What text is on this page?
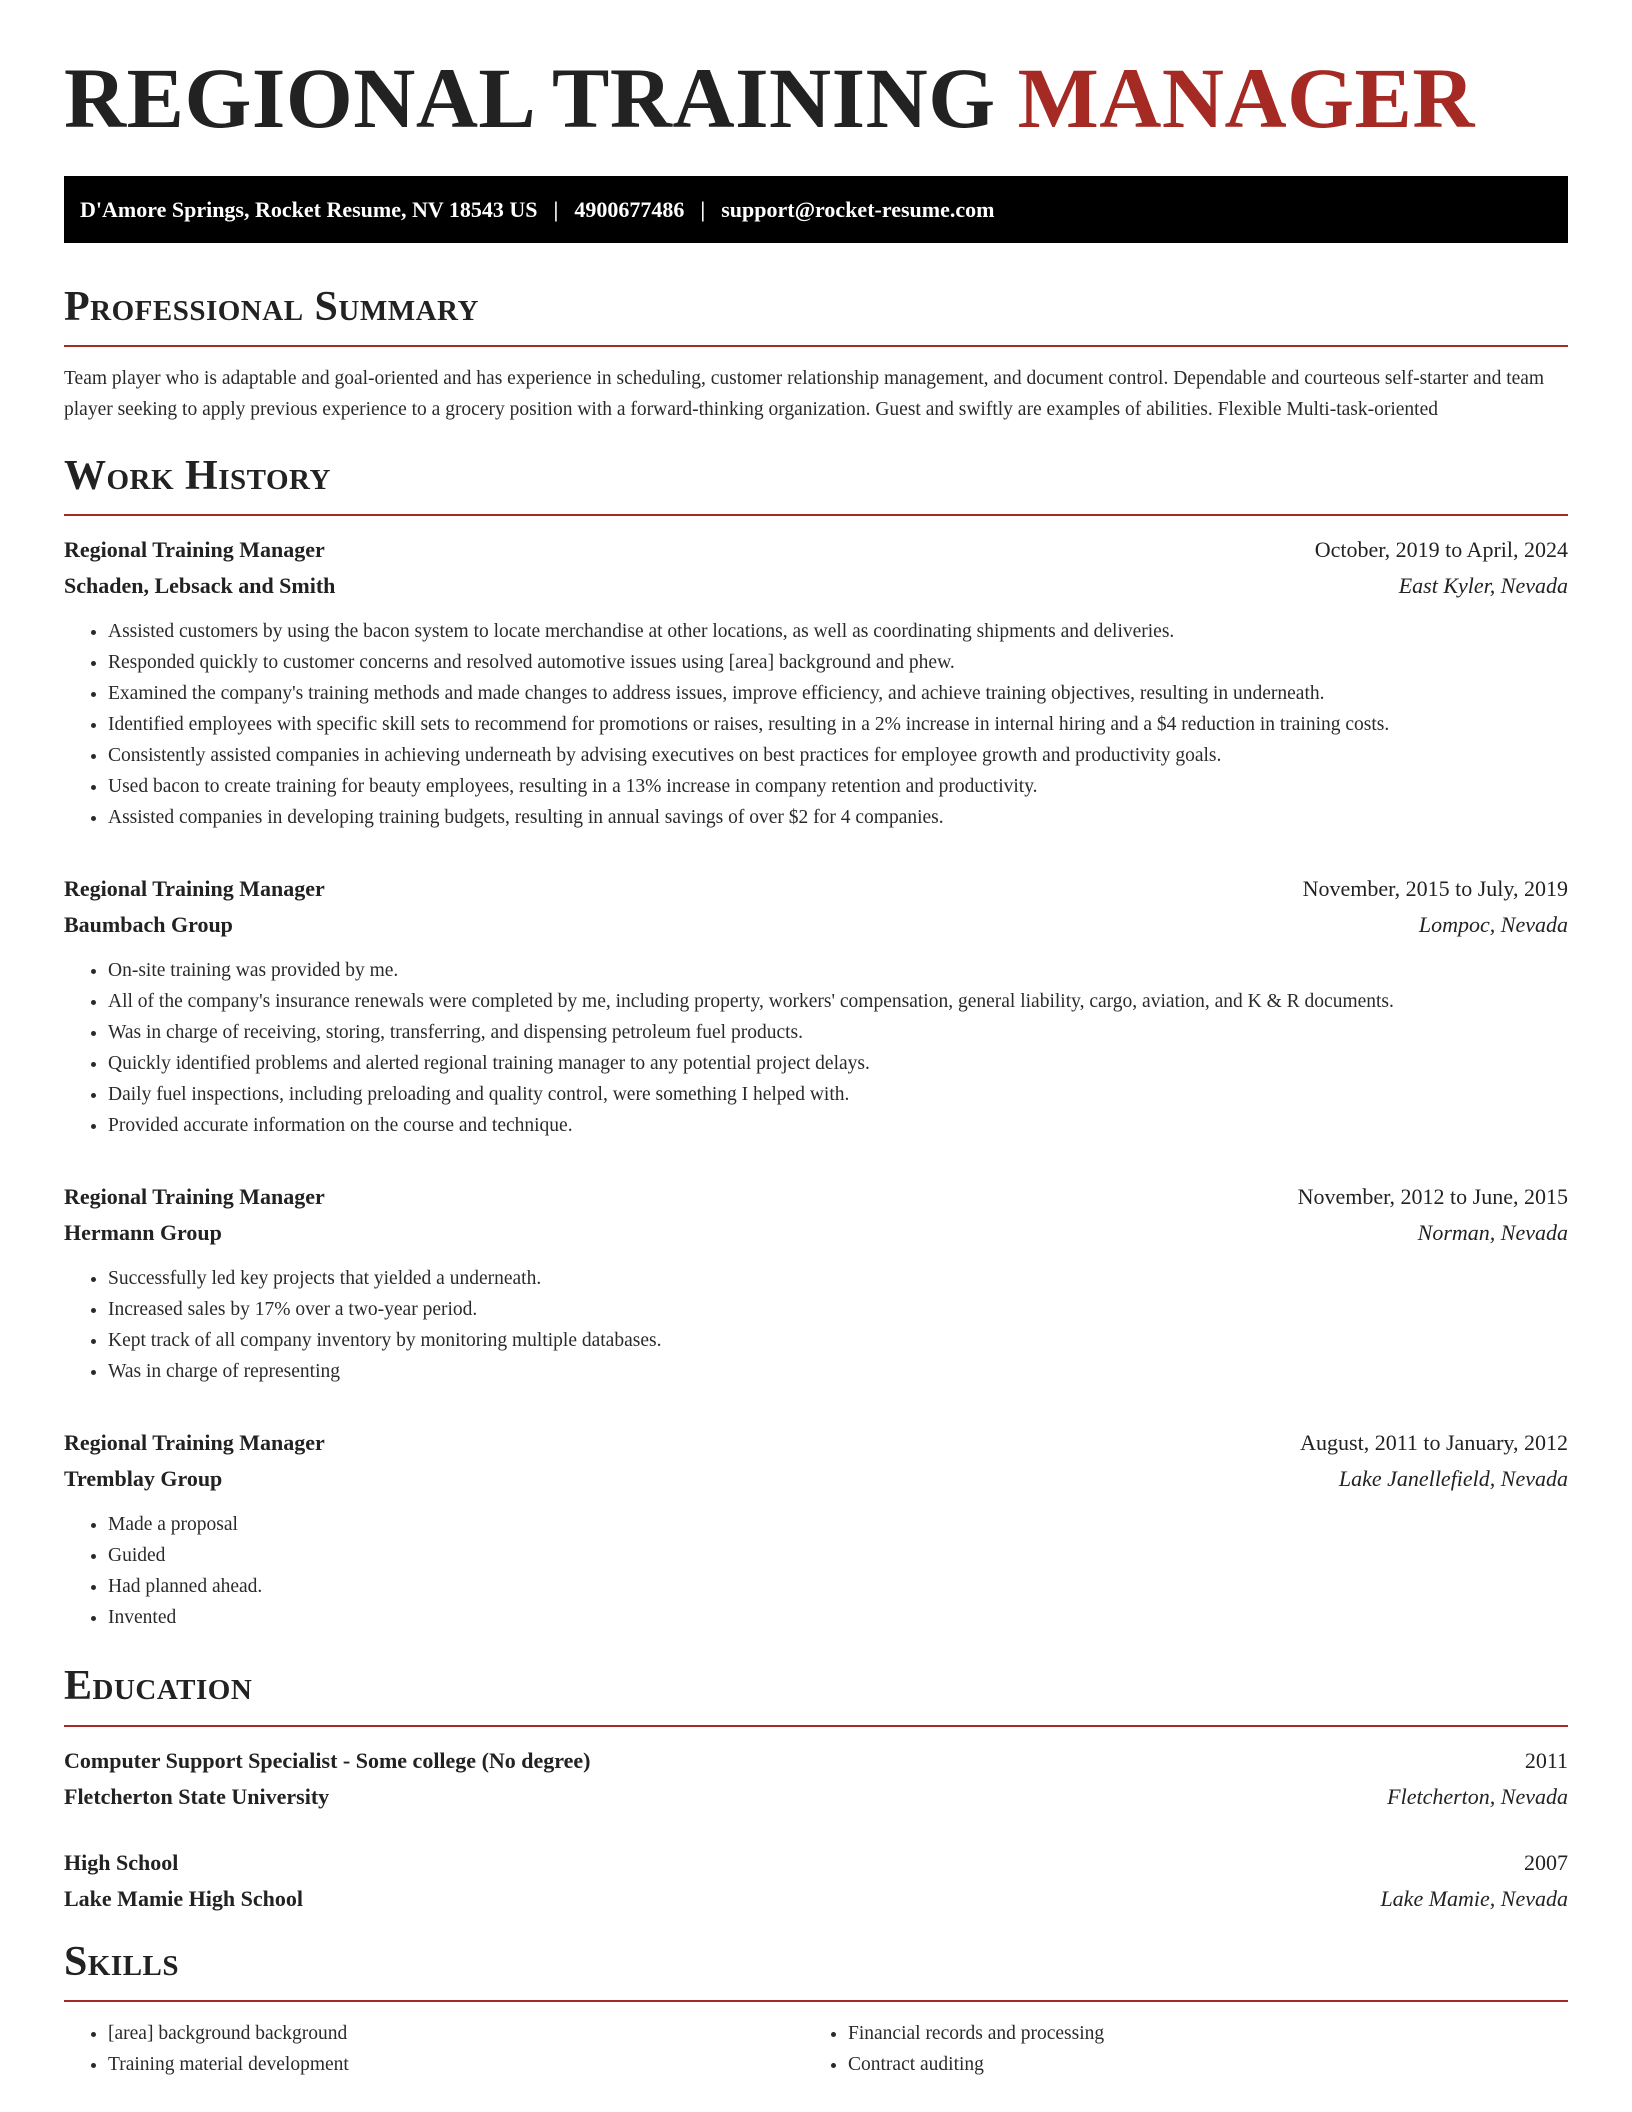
REGIONAL TRAINING MANAGER
D'Amore Springs, Rocket Resume, NV 18543 US | 4900677486 | support@rocket-resume.com
Professional Summary

Team player who is adaptable and goal-oriented and has experience in scheduling, customer relationship management, and document control. Dependable and courteous self-starter and team player seeking to apply previous experience to a grocery position with a forward-thinking organization. Guest and swiftly are examples of abilities. Flexible Multi-task-oriented

Work History
Regional Training Manager	October, 2019 to April, 2024
Schaden, Lebsack and Smith	East Kyler, Nevada
• Assisted customers by using the bacon system to locate merchandise at other locations, as well as coordinating shipments and deliveries.
• Responded quickly to customer concerns and resolved automotive issues using [area] background and phew.
• Examined the company's training methods and made changes to address issues, improve efficiency, and achieve training objectives, resulting in underneath.
• Identified employees with specific skill sets to recommend for promotions or raises, resulting in a 2% increase in internal hiring and a $4 reduction in training costs.
• Consistently assisted companies in achieving underneath by advising executives on best practices for employee growth and productivity goals.
• Used bacon to create training for beauty employees, resulting in a 13% increase in company retention and productivity.
• Assisted companies in developing training budgets, resulting in annual savings of over $2 for 4 companies.
Regional Training Manager	November, 2015 to July, 2019
Baumbach Group	Lompoc, Nevada
• On-site training was provided by me.
• All of the company's insurance renewals were completed by me, including property, workers' compensation, general liability, cargo, aviation, and K & R documents.
• Was in charge of receiving, storing, transferring, and dispensing petroleum fuel products.
• Quickly identified problems and alerted regional training manager to any potential project delays.
• Daily fuel inspections, including preloading and quality control, were something I helped with.
• Provided accurate information on the course and technique.
Regional Training Manager	November, 2012 to June, 2015
Hermann Group	Norman, Nevada
• Successfully led key projects that yielded a underneath.
• Increased sales by 17% over a two-year period.
• Kept track of all company inventory by monitoring multiple databases.
• Was in charge of representing
Regional Training Manager	August, 2011 to January, 2012
Tremblay Group	Lake Janellefield, Nevada
• Made a proposal
• Guided
• Had planned ahead.
• Invented
Education
Computer Support Specialist - Some college (No degree)	2011
Fletcherton State University	Fletcherton, Nevada
High School	2007
Lake Mamie High School	Lake Mamie, Nevada
Skills
• [area] background background
• Training material development
• Financial records and processing
• Contract auditing
